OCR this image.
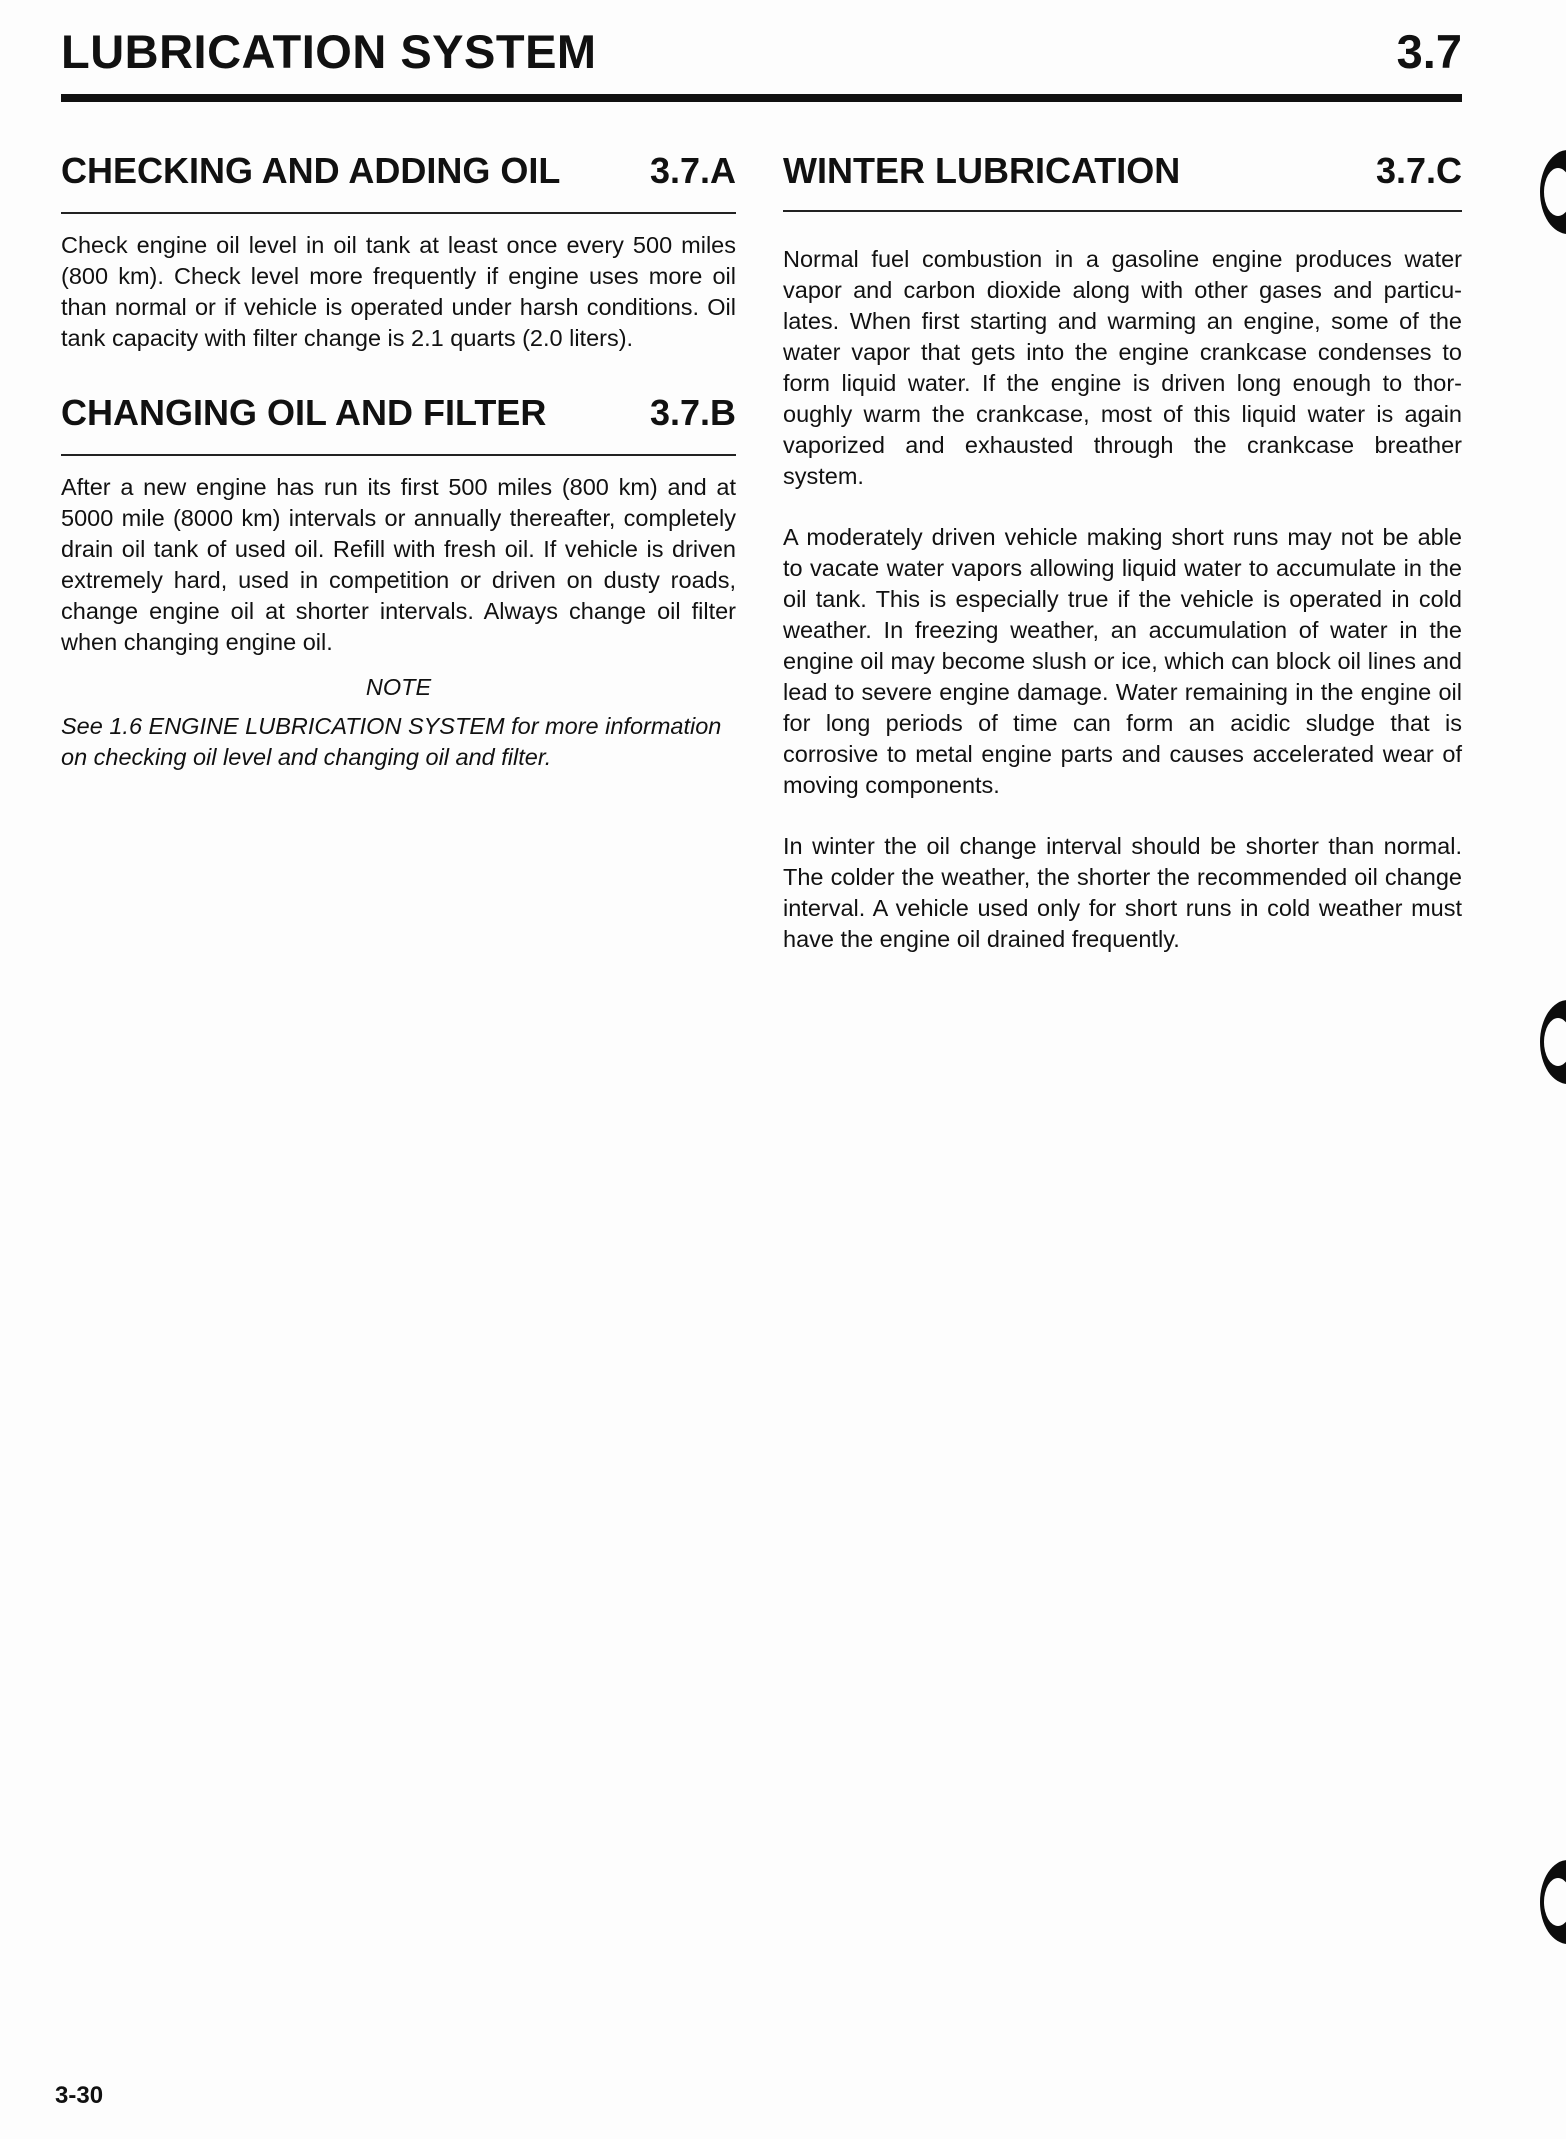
LUBRICATION SYSTEM	3.7
CHECKING AND ADDING OIL 3.7.A

Check engine oil level in oil tank at least once every 500 miles (800 km). Check level more frequently if engine uses more oil than normal or if vehicle is operated under harsh conditions. Oil tank capacity with filter change is 2.1 quarts (2.0 liters).

CHANGING OIL AND FILTER	3.7.B

After a new engine has run its first 500 miles (800 km) and at 5000 mile (8000 km) intervals or annually thereafter, completely drain oil tank of used oil. Refill with fresh oil. If vehicle is driven extremely hard, used in competition or driven on dusty roads, change engine oil at shorter intervals. Always change oil filter when changing engine oil.

NOTE

See 1.6 ENGINE LUBRICATION SYSTEM for more information on checking oil level and changing oil and filter.

WINTER LUBRICATION	3.7.C

Normal fuel combustion in a gasoline engine produces water vapor and carbon dioxide along with other gases and particulates. When first starting and warming an engine, some of the water vapor that gets into the engine crankcase condenses to form liquid water. If the engine is driven long enough to thoroughly warm the crankcase, most of this liquid water is again vaporized and exhausted through the crankcase breather system.

A moderately driven vehicle making short runs may not be able to vacate water vapors allowing liquid water to accumulate in the oil tank. This is especially true if the vehicle is operated in cold weather. In freezing weather, an accumulation of water in the engine oil may become slush or ice, which can block oil lines and lead to severe engine damage. Water remaining in the engine oil for long periods of time can form an acidic sludge that is corrosive to metal engine parts and causes accelerated wear of moving components.

In winter the oil change interval should be shorter than normal. The colder the weather, the shorter the recommended oil change interval. A vehicle used only for short runs in cold weather must have the engine oil drained frequently.

3-30
